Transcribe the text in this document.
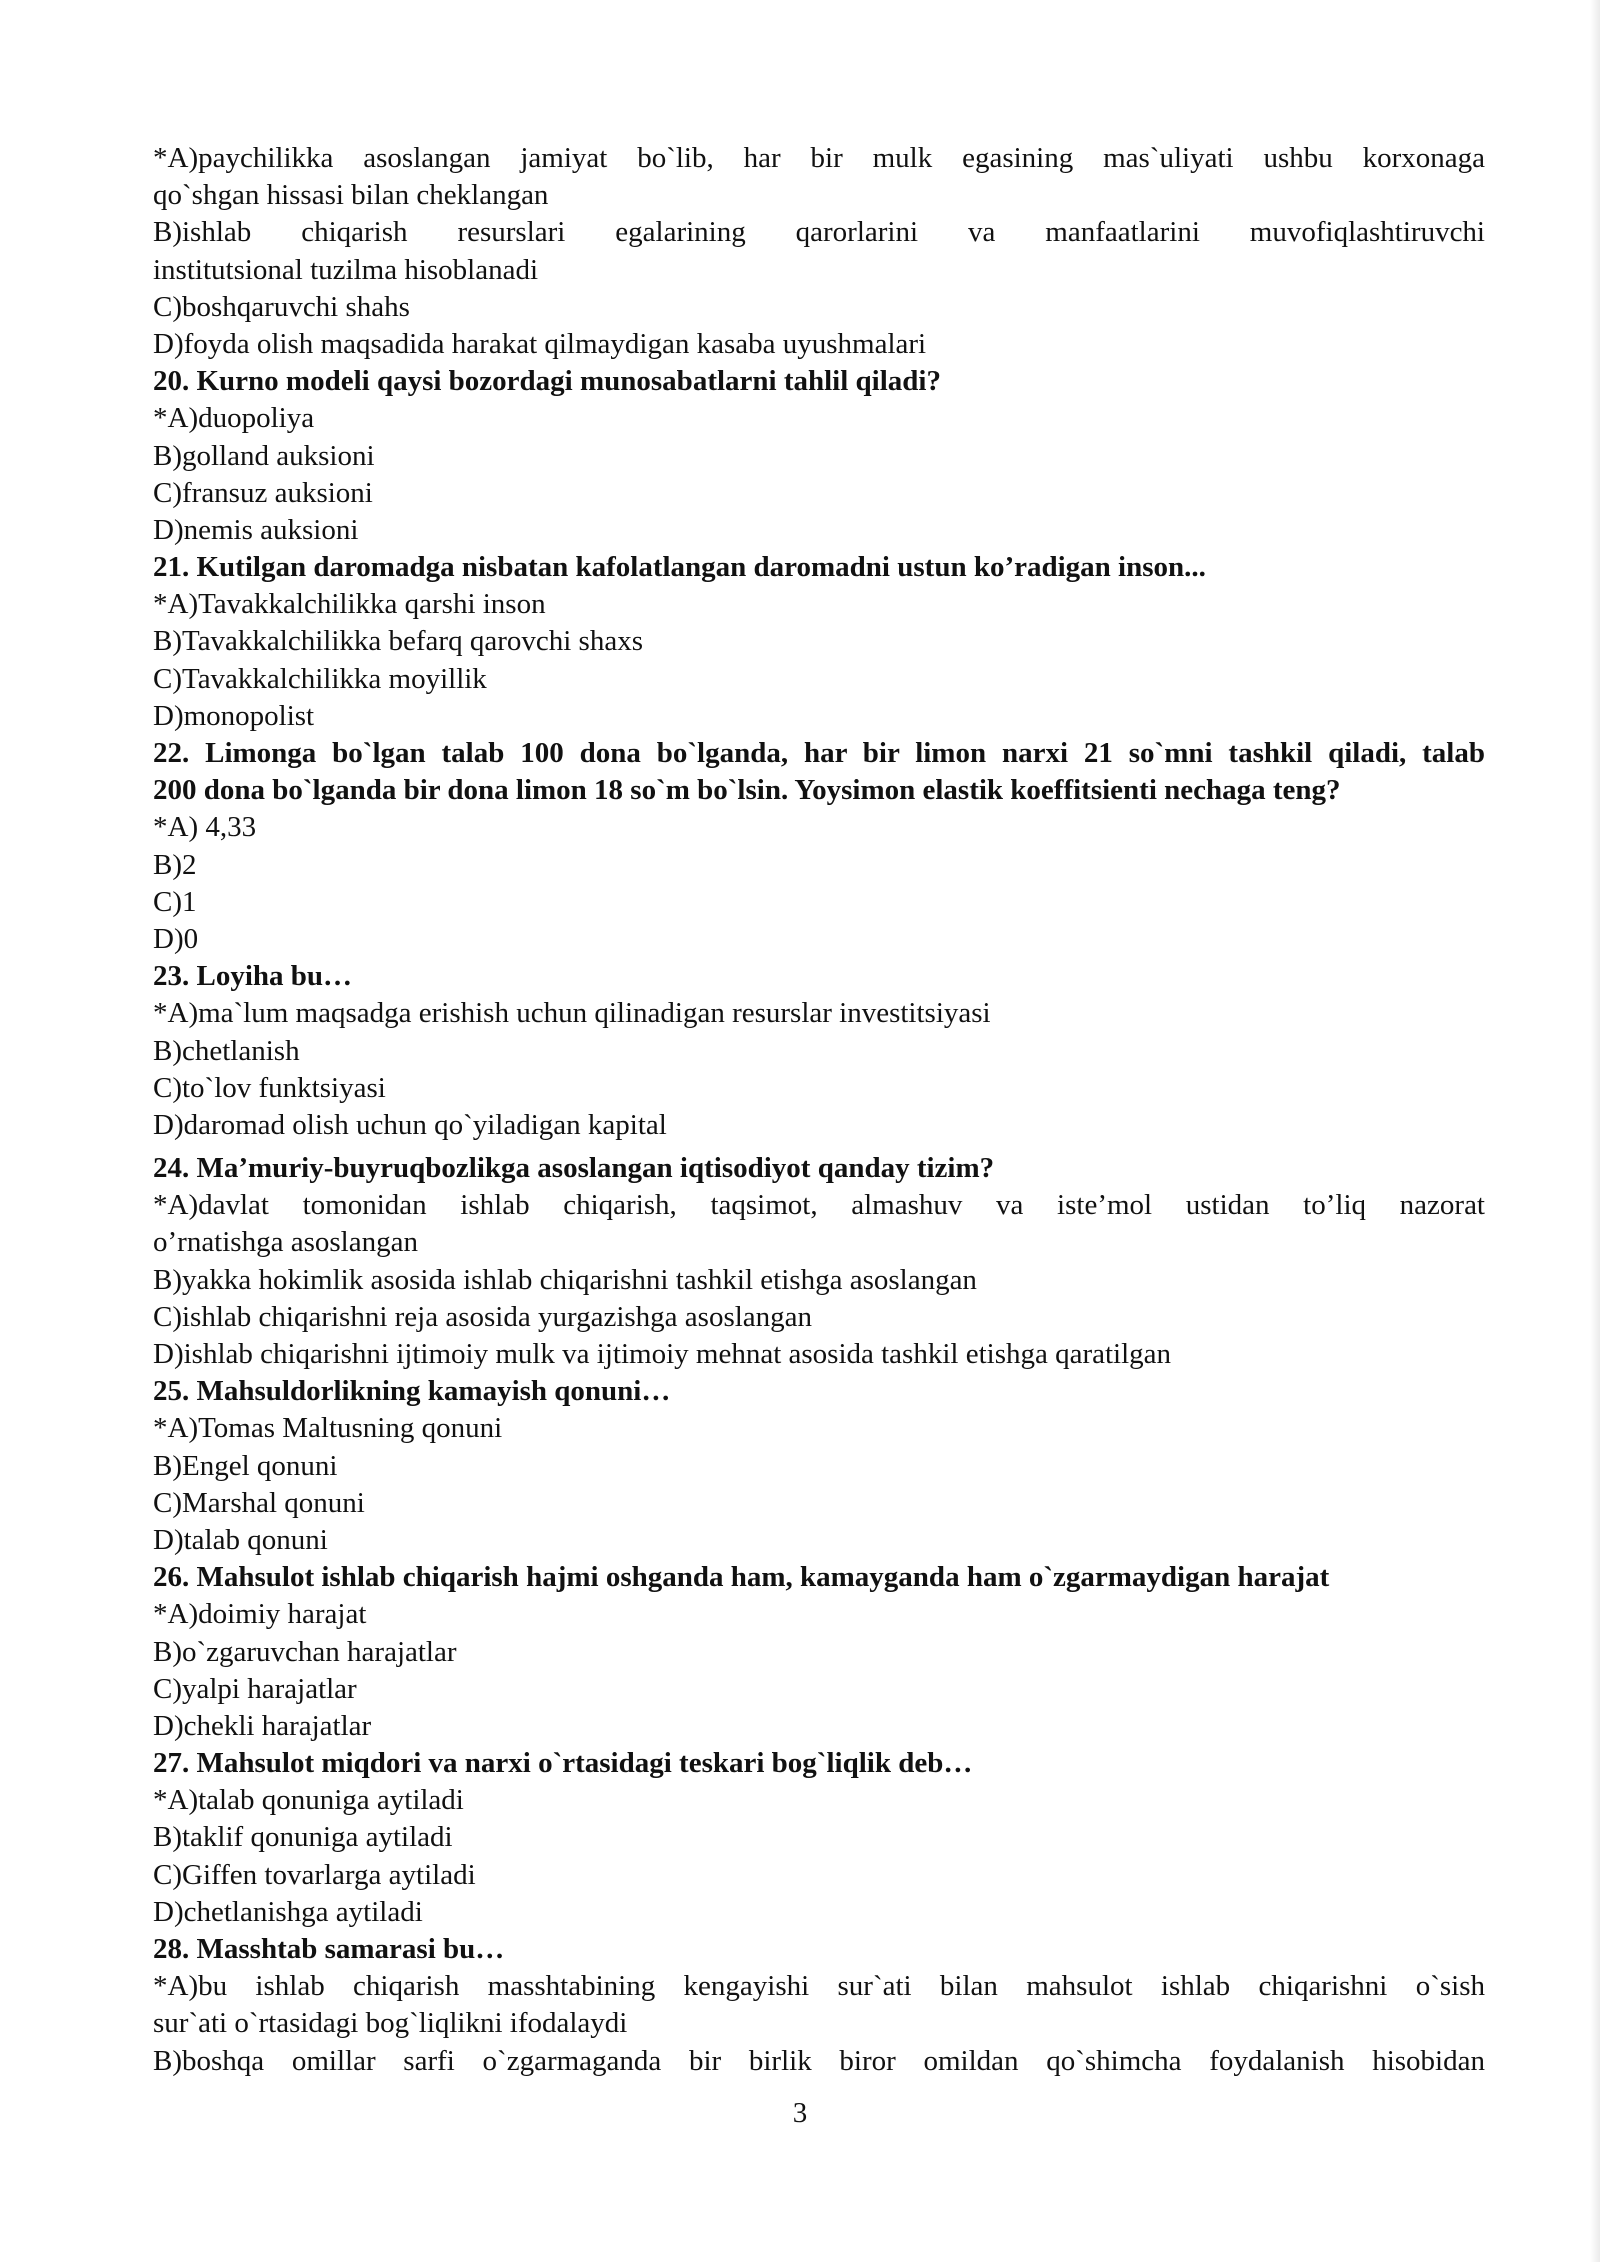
*A)paychilikka asoslangan jamiyat bo`lib, har bir mulk egasining mas`uliyati ushbu korxonaga
qo`shgan hissasi bilan cheklangan
B)ishlab chiqarish resurslari egalarining qarorlarini va manfaatlarini muvofiqlashtiruvchi
institutsional tuzilma hisoblanadi
C)boshqaruvchi shahs
D)foyda olish maqsadida harakat qilmaydigan kasaba uyushmalari
20. Kurno modeli qaysi bozordagi munosabatlarni tahlil qiladi?
*A)duopoliya
B)golland auksioni
C)fransuz auksioni
D)nemis auksioni
21. Kutilgan daromadga nisbatan kafolatlangan daromadni ustun ko’radigan inson...
*A)Tavakkalchilikka qarshi inson
B)Tavakkalchilikka befarq qarovchi shaxs
C)Tavakkalchilikka moyillik
D)monopolist
22. Limonga bo`lgan talab 100 dona bo`lganda, har bir limon narxi 21 so`mni tashkil qiladi, talab
200 dona bo`lganda bir dona limon 18 so`m bo`lsin. Yoysimon elastik koeffitsienti nechaga teng?
*A) 4,33
B)2
C)1
D)0
23. Loyiha bu…
*A)ma`lum maqsadga erishish uchun qilinadigan resurslar investitsiyasi
B)chetlanish
C)to`lov funktsiyasi
D)daromad olish uchun qo`yiladigan kapital
24. Ma’muriy-buyruqbozlikga asoslangan iqtisodiyot qanday tizim?
*A)davlat tomonidan ishlab chiqarish, taqsimot, almashuv va iste’mol ustidan to’liq nazorat
o’rnatishga asoslangan
B)yakka hokimlik asosida ishlab chiqarishni tashkil etishga asoslangan
C)ishlab chiqarishni reja asosida yurgazishga asoslangan
D)ishlab chiqarishni ijtimoiy mulk va ijtimoiy mehnat asosida tashkil etishga qaratilgan
25. Mahsuldorlikning kamayish qonuni…
*A)Tomas Maltusning qonuni
B)Engel qonuni
C)Marshal qonuni
D)talab qonuni
26. Mahsulot ishlab chiqarish hajmi oshganda ham, kamayganda ham o`zgarmaydigan harajat
*A)doimiy harajat
B)o`zgaruvchan harajatlar
C)yalpi harajatlar
D)chekli harajatlar
27. Mahsulot miqdori va narxi o`rtasidagi teskari bog`liqlik deb…
*A)talab qonuniga aytiladi
B)taklif qonuniga aytiladi
C)Giffen tovarlarga aytiladi
D)chetlanishga aytiladi
28. Masshtab samarasi bu…
*A)bu ishlab chiqarish masshtabining kengayishi sur`ati bilan mahsulot ishlab chiqarishni o`sish
sur`ati o`rtasidagi bog`liqlikni ifodalaydi
B)boshqa omillar sarfi o`zgarmaganda bir birlik biror omildan qo`shimcha foydalanish hisobidan
3
